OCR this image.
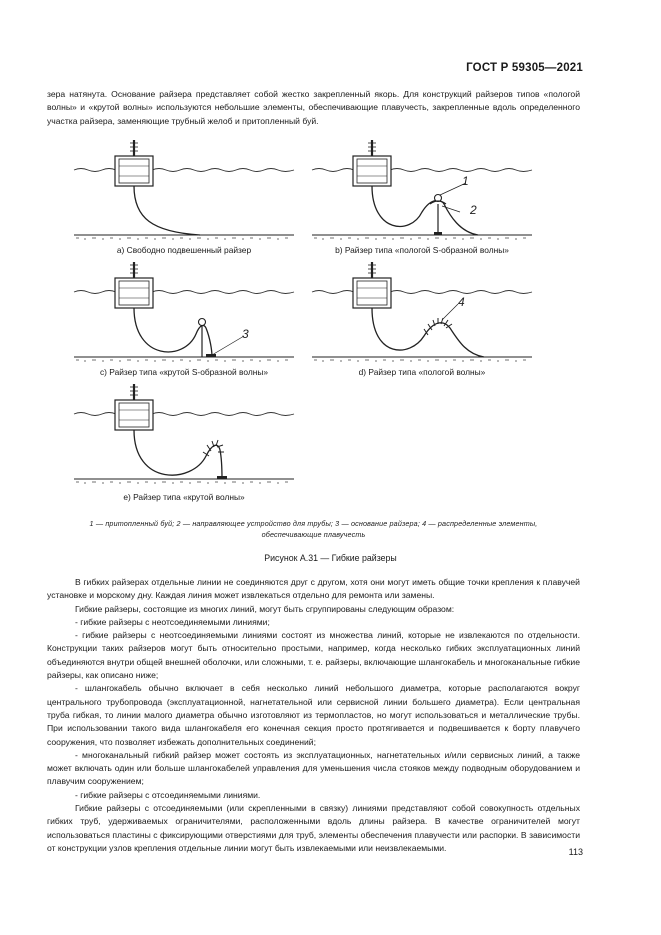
ГОСТ Р 59305—2021

зера натянута. Основание райзера представляет собой жестко закрепленный якорь. Для конструкций райзеров типов «пологой волны» и «крутой волны» используются небольшие элементы, обеспечивающие плавучесть, закрепленные вдоль определенного участка райзера, заменяющие трубный желоб и притопленный буй.

а) Свободно подвешенный райзер
1
2
b) Райзер типа «пологой S-образной волны»
3
c) Райзер типа «крутой S-образной волны»
4
d) Райзер типа «пологой волны»
e) Райзер типа «крутой волны»
1 — притопленный буй; 2 — направляющее устройство для трубы; 3 — основание райзера; 4 — распределенные элементы,
обеспечивающие плавучесть
Рисунок А.31 — Гибкие райзеры

В гибких райзерах отдельные линии не соединяются друг с другом, хотя они могут иметь общие точки крепления к плавучей установке и морскому дну. Каждая линия может извлекаться отдельно для ремонта или замены.

Гибкие райзеры, состоящие из многих линий, могут быть сгруппированы следующим образом:

- гибкие райзеры с неотсоединяемыми линиями;

- гибкие райзеры с неотсоединяемыми линиями состоят из множества линий, которые не извлекаются по отдельности. Конструкции таких райзеров могут быть относительно простыми, например, когда несколько гибких эксплуатационных линий объединяются внутри общей внешней оболочки, или сложными, т. е. райзеры, включающие шлангокабель и многоканальные гибкие райзеры, как описано ниже;

- шлангокабель обычно включает в себя несколько линий небольшого диаметра, которые располагаются вокруг центрального трубопровода (эксплуатационной, нагнетательной или сервисной линии большего диаметра). Если центральная труба гибкая, то линии малого диаметра обычно изготовляют из термопластов, но могут использоваться и металлические трубы. При использовании такого вида шлангокабеля его конечная секция просто протягивается и подвешивается к борту плавучего сооружения, что позволяет избежать дополнительных соединений;

- многоканальный гибкий райзер может состоять из эксплуатационных, нагнетательных и/или сервисных линий, а также может включать один или больше шлангокабелей управления для уменьшения числа стояков между подводным оборудованием и плавучим сооружением;

- гибкие райзеры с отсоединяемыми линиями.

Гибкие райзеры с отсоединяемыми (или скрепленными в связку) линиями представляют собой совокупность отдельных гибких труб, удерживаемых ограничителями, расположенными вдоль длины райзера. В качестве ограничителей могут использоваться пластины с фиксирующими отверстиями для труб, элементы обеспечения плавучести или распорки. В зависимости от конструкции узлов крепления отдельные линии могут быть извлекаемыми или неизвлекаемыми.	113
